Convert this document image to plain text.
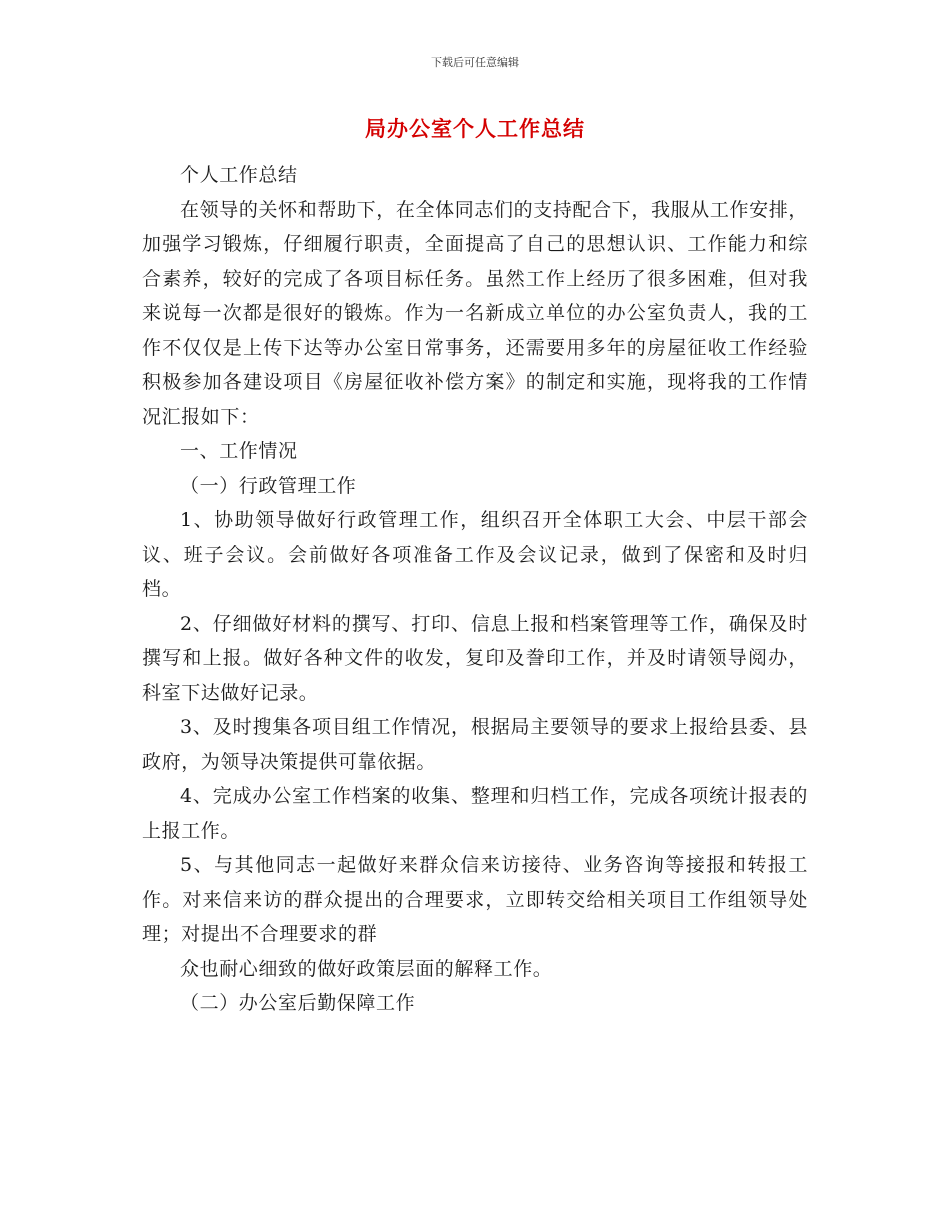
下载后可任意编辑
局办公室个人工作总结

个人工作总结

在领导的关怀和帮助下，在全体同志们的支持配合下，我服从工作安排，加强学习锻炼，仔细履行职责，全面提高了自己的思想认识、工作能力和综合素养，较好的完成了各项目标任务。虽然工作上经历了很多困难，但对我来说每一次都是很好的锻炼。作为一名新成立单位的办公室负责人，我的工作不仅仅是上传下达等办公室日常事务，还需要用多年的房屋征收工作经验积极参加各建设项目《房屋征收补偿方案》的制定和实施，现将我的工作情况汇报如下：

一、工作情况

（一）行政管理工作

1、协助领导做好行政管理工作，组织召开全体职工大会、中层干部会议、班子会议。会前做好各项准备工作及会议记录，做到了保密和及时归档。

2、仔细做好材料的撰写、打印、信息上报和档案管理等工作，确保及时撰写和上报。做好各种文件的收发，复印及誊印工作，并及时请领导阅办，科室下达做好记录。

3、及时搜集各项目组工作情况，根据局主要领导的要求上报给县委、县政府，为领导决策提供可靠依据。

4、完成办公室工作档案的收集、整理和归档工作，完成各项统计报表的上报工作。

5、与其他同志一起做好来群众信来访接待、业务咨询等接报和转报工作。对来信来访的群众提出的合理要求，立即转交给相关项目工作组领导处理；对提出不合理要求的群

众也耐心细致的做好政策层面的解释工作。

（二）办公室后勤保障工作
